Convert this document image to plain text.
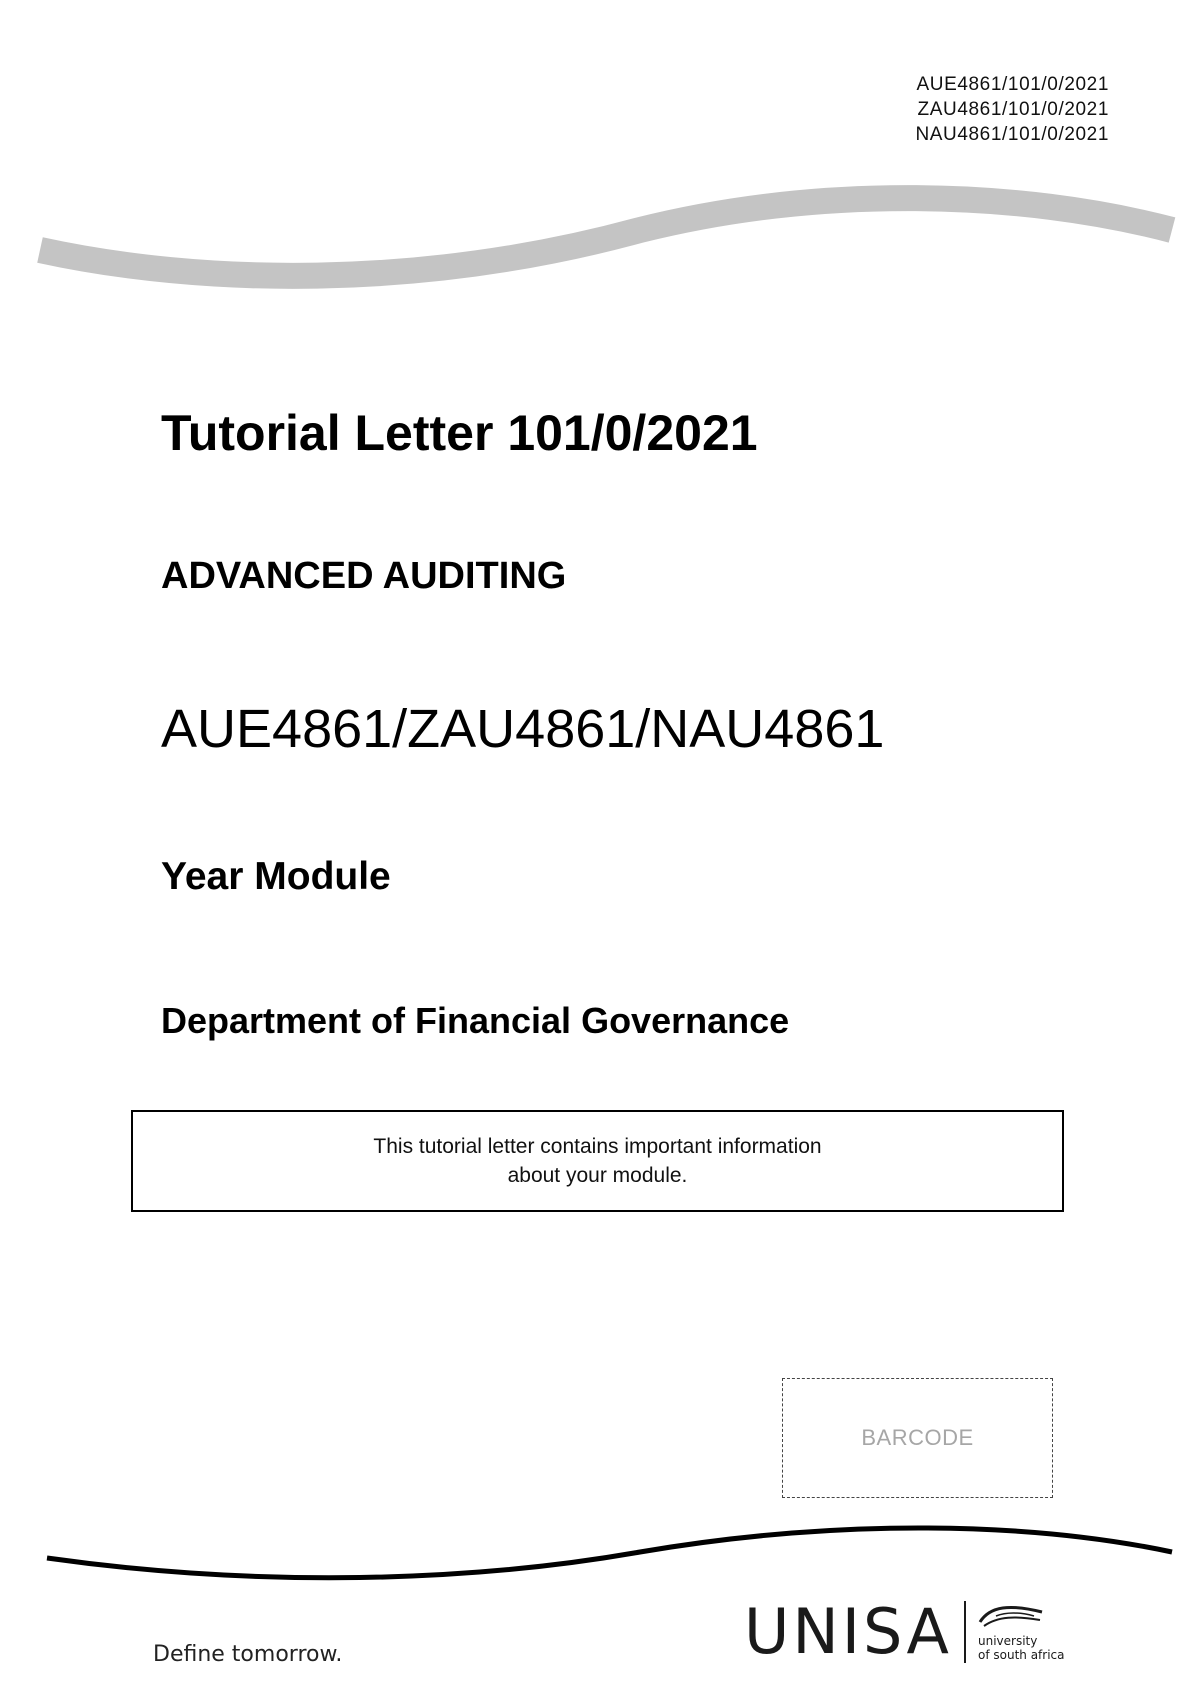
AUE4861/101/0/2021
ZAU4861/101/0/2021
NAU4861/101/0/2021
Tutorial Letter 101/0/2021
ADVANCED AUDITING
AUE4861/ZAU4861/NAU4861
Year Module
Department of Financial Governance
This tutorial letter contains important information
about your module.
BARCODE
Define tomorrow.	UNISA university
of south africa
